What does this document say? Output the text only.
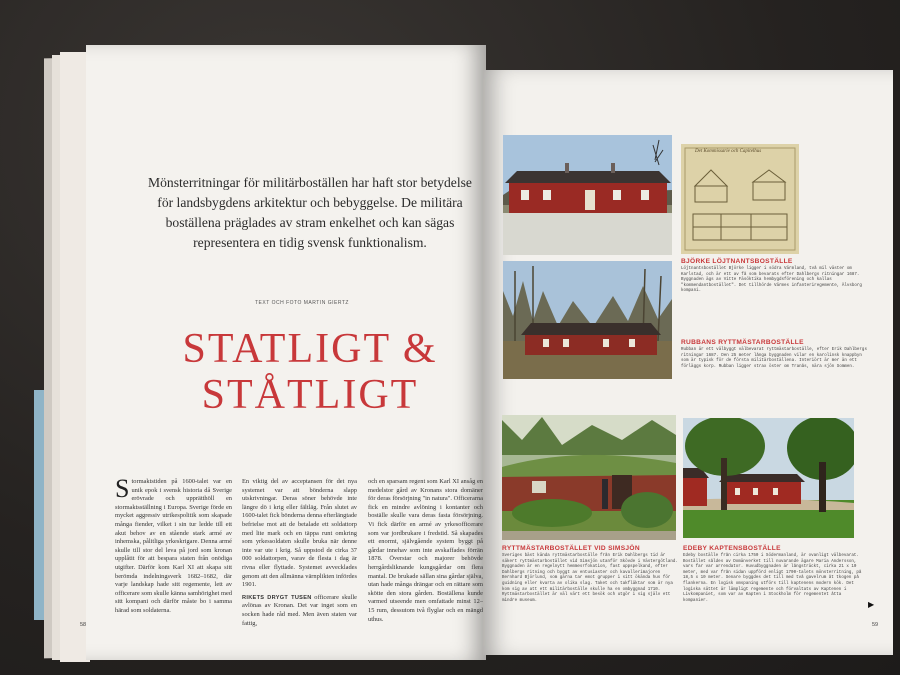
Mönsterritningar för militärboställen har haft stor betydelse för landsbygdens arkitektur och bebyggelse. De militära boställena präglades av stram enkelhet och kan sägas representera en tidig svensk funktionalism.
TEXT OCH FOTO MARTIN GIERTZ
STATLIGT &
STÅTLIGT
Stormaktstiden på 1600-talet var en unik epok i svensk historia då Sverige erövrade och upprätthöll en stormaktsställning i Europa. Sverige förde en mycket aggressiv utrikespolitik som skapade många fiender, vilket i sin tur ledde till ett akut behov av en stående stark armé av inhemska, pålitliga yrkeskrigare. Denna armé skulle till stor del leva på jord som kronan upplåtit för att bespara staten från onödiga utgifter. Därför kom Karl XI att skapa sitt berömda indelningsverk 1682–1682, där varje landskap hade sitt regemente, lett av officerare som skulle känna samhörighet med sitt kompani och därför måste bo i samma härad som soldaterna.
En viktig del av acceptansen för det nya systemet var att bönderna slapp utskrivningar. Deras söner behövde inte längre dö i krig eller fältläg. Från slutet av 1600-talet fick bönderna denna efterlängtade befrielse mot att de betalade ett soldattorp med lite mark och en täppa runt omkring som yrkessoldaten skulle bruka när denne inte var ute i krig. Så uppstod de cirka 37 000 soldattorpen, varav de flesta i dag är rivna eller flyttade. Systemet avvecklades genom att den allmänna värnplikten infördes 1901.
RIKETS DRYGT TUSEN officerare skulle avlönas av Kronan. Det var inget som en socken hade råd med. Men även staten var fattig,
och en sparsam regent som Karl XI ansåg en medelstor gård av Kronans stora domäner för deras försörjning "in natura". Officerarna fick en mindre avlöning i kontanter och boställe skulle vara deras fasta försörjning. Vi fick därför en armé av yrkesofficerare som var jordbrukare i fredstid. Så skapades ett enormt, självgående system byggt på gårdar innehav som inte avskaffades förrän 1878. Överstar och majorer behövde herrgårdsliknande kungsgårdar om flera mantal. De brukade sällan sina gårdar själva, utan hade många drängar och en rättare som skötte den stora gården. Boställena kunde varmed utseende men omfattade minst 12–15 rum, dessutom två flyglar och en mängd uthus.
58
Det Kommissarie och Capitelhus
BJÖRKE LÖJTNANTSBOSTÄLLE
Löjtnantsbostället Björke ligger i södra Värmland, två mil väster om Karlstad, och är ett av få som bevarats efter Dahlbergs ritningar 1687. Byggnaden ägs av Vitte Fäsöktika hembygdsförening och kallas "kommendantbostället". Det tillhörde Värmes infanteriregemente, Älvsborg kompani.
RUBBANS RYTTMÄSTARBOSTÄLLE
Rubban är ett välbyggt välbevarat ryttmästarboställe, efter Erik Dahlbergs ritningar 1687. Den 25 meter långa byggnaden vilar en karolinsk knappbyn som är typisk för de första militärboställena. Interiört är mer än ett förläggs korp. Rubban ligger strax öster om Tranås, nära sjön Sommen.
RYTTMÄSTARBOSTÄLLET VID SIMSJÖN
Sveriges bäst kända ryttmästarboställe från Erik Dahlbergs tid är säkert ryttmästarbostället vid Simsjön utanför Skövde i Västergötland. Byggnaden är en regelnytt hemmesrfokation, fast uppspelkand, efter Dahlbergs ritning och byggt av entusiaster och kavallerimajoren Bernhard Björlund, som gärna tar emot grupper i sitt ökända hus för guidning eller kvarta av olika slag. Taket och takfläktar som är nya kom sig av att ett militärboställe skulle ha en ombyggnad 1710. Ryttmästarbostället är väl värt ett besök och utgör i sig själv ett mindre museum.
EDEBY KAPTENSBOSTÄLLE
Edeby boställe från cirka 1750 i Södermanland, är ovanligt välbevarat. Bostället såldes av Domänverket till nuvarande ägare Maria Andersson, vars far var arrendator. Huvudbyggnaden är långsträckt, cirka 21 x 10 meter, med var från sidan uppförd enligt 1700-talets mönsterritning, på 18,5 x 10 meter. Senare byggdes det till med två gavelrum åt tkogen på flankerna. En logisk omspaning utförs till kaptenens modern kök. Det logiska sättet är lämpligt regemente och förvaltats av Kaptenen i Livkompaniet, som var av Kapten i Stockholm för regementet åtta kompanier.	▶
59
